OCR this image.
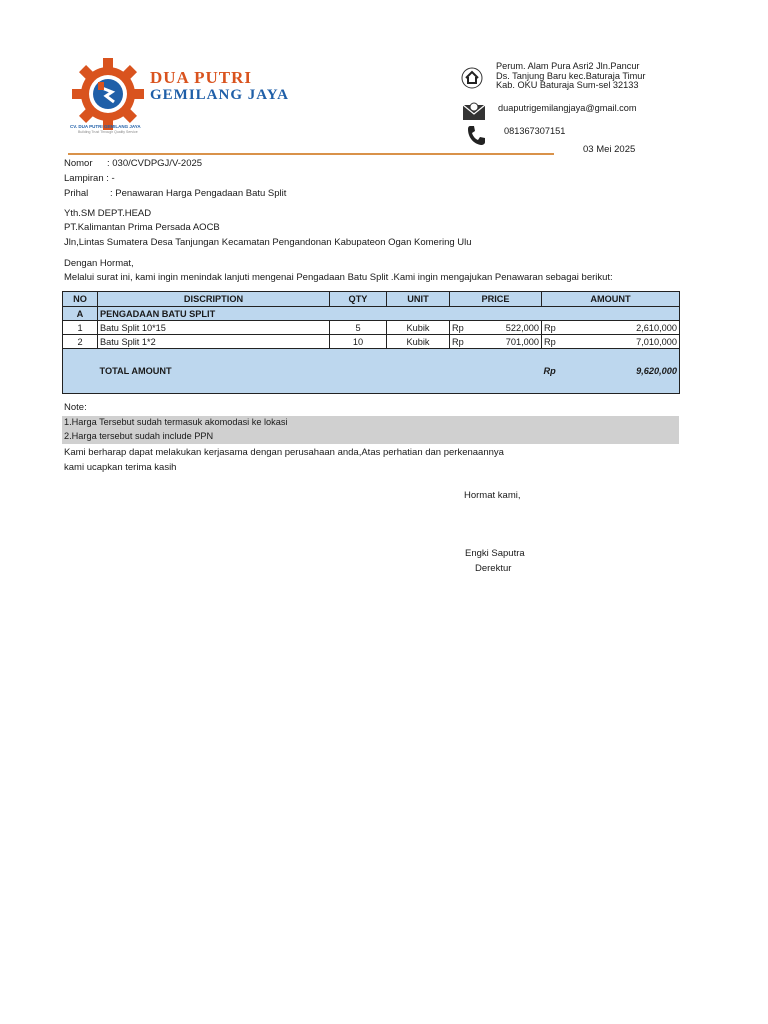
DUA PUTRI
GEMILANG JAYA
CV. DUA PUTRI GEMILANG JAYA
Building Trust Through Quality Service
Perum. Alam Pura Asri2 Jln.Pancur
Ds. Tanjung Baru kec.Baturaja Timur
Kab. OKU Baturaja Sum-sel 32133
duaputrigemilangjaya@gmail.com
081367307151
03 Mei 2025
Nomor : 030/CVDPGJ/V-2025
Lampiran : -
Prihal : Penawaran Harga Pengadaan Batu Split
Yth.SM DEPT.HEAD
PT.Kalimantan Prima Persada AOCB
Jln,Lintas Sumatera Desa Tanjungan Kecamatan Pengandonan Kabupateon Ogan Komering Ulu
Dengan Hormat,
Melalui surat ini, kami ingin menindak lanjuti mengenai Pengadaan Batu Split .Kami ingin mengajukan Penawaran sebagai berikut:
NO	DISCRIPTION	QTY	UNIT	PRICE		AMOUNT	
A	PENGADAAN BATU SPLIT						
1	Batu Split 10*15	5	Kubik	Rp	522,000	Rp	2,610,000
2	Batu Split 1*2	10	Kubik	Rp	701,000	Rp	7,010,000
	TOTAL AMOUNT					Rp	9,620,000
Note:
1.Harga Tersebut sudah termasuk akomodasi ke lokasi
2.Harga tersebut sudah include PPN
Kami berharap dapat melakukan kerjasama dengan perusahaan anda,Atas perhatian dan perkenaannya
kami ucapkan terima kasih
Hormat kami,
Engki Saputra
Derektur
